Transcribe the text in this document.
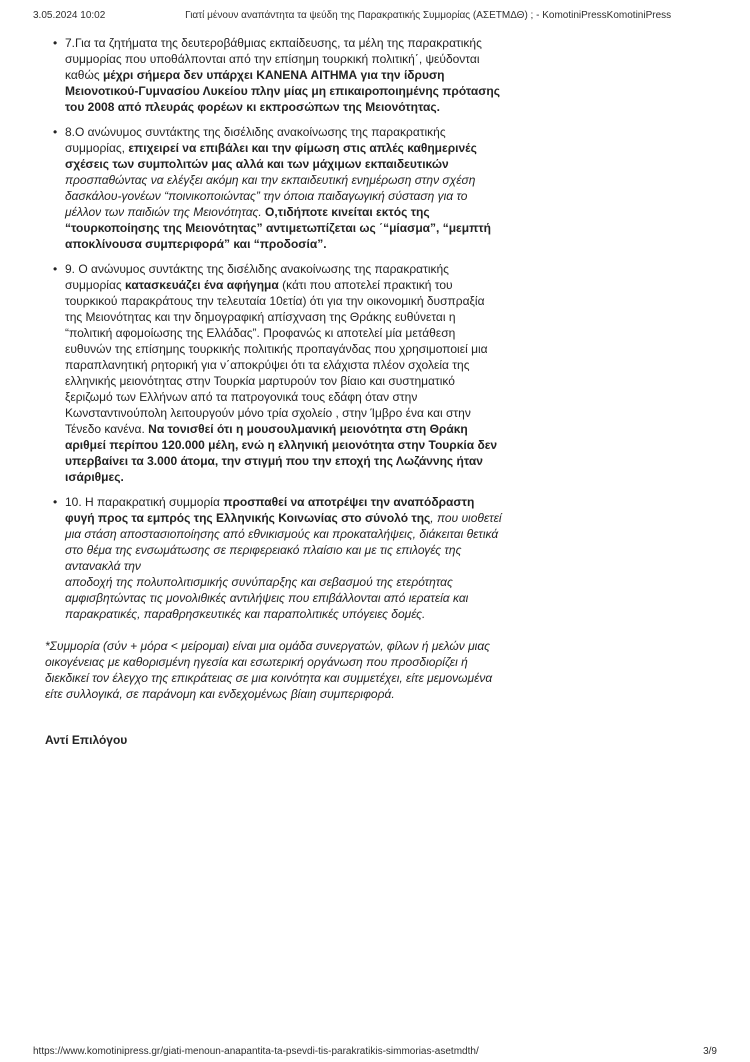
3.05.2024 10:02	Γιατί μένουν αναπάντητα τα ψεύδη της Παρακρατικής Συμμορίας (ΑΣΕΤΜΔΘ) ; - KomotiniPressKomotiniPress
• 7.Για τα ζητήματα της δευτεροβάθμιας εκπαίδευσης, τα μέλη της παρακρατικής συμμορίας που υποθάλπονται από την επίσημη τουρκική πολιτική΄, ψεύδονται καθώς μέχρι σήμερα δεν υπάρχει ΚΑΝΕΝΑ ΑΙΤΗΜΑ για την ίδρυση Μειονοτικού-Γυμνασίου Λυκείου πλην μίας μη επικαιροποιημένης πρότασης του 2008 από πλευράς φορέων κι εκπροσώπων της Μειονότητας.
• 8.Ο ανώνυμος συντάκτης της δισέλιδης ανακοίνωσης της παρακρατικής συμμορίας, επιχειρεί να επιβάλει και την φίμωση στις απλές καθημερινές σχέσεις των συμπολιτών μας αλλά και των μάχιμων εκπαιδευτικών προσπαθώντας να ελέγξει ακόμη και την εκπαιδευτική ενημέρωση στην σχέση δασκάλου-γονέων “ποινικοποιώντας” την όποια παιδαγωγική σύσταση για το μέλλον των παιδιών της Μειονότητας. Ο,τιδήποτε κινείται εκτός της “τουρκοποίησης της Μειονότητας” αντιμετωπίζεται ως ΄“μίασμα”, “μεμπτή αποκλίνουσα συμπεριφορά” και “προδοσία”.
• 9. Ο ανώνυμος συντάκτης της δισέλιδης ανακοίνωσης της παρακρατικής συμμορίας κατασκευάζει ένα αφήγημα (κάτι που αποτελεί πρακτική του τουρκικού παρακράτους την τελευταία 10ετία) ότι για την οικονομική δυσπραξία της Μειονότητας και την δημογραφική απίσχναση της Θράκης ευθύνεται η “πολιτική αφομοίωσης της Ελλάδας”. Προφανώς κι αποτελεί μία μετάθεση ευθυνών της επίσημης τουρκικής πολιτικής προπαγάνδας που χρησιμοποιεί μια παραπλανητική ρητορική για ν΄αποκρύψει ότι τα ελάχιστα πλέον σχολεία της ελληνικής μειονότητας στην Τουρκία μαρτυρούν τον βίαιο και συστηματικό ξεριζωμό των Ελλήνων από τα πατρογονικά τους εδάφη όταν στην Κωνσταντινούπολη λειτουργούν μόνο τρία σχολείο , στην Ίμβρο ένα και στην Τένεδο κανένα. Να τονισθεί ότι η μουσουλμανική μειονότητα στη Θράκη αριθμεί περίπου 120.000 μέλη, ενώ η ελληνική μειονότητα στην Τουρκία δεν υπερβαίνει τα 3.000 άτομα, την στιγμή που την εποχή της Λωζάννης ήταν ισάριθμες.
• 10. Η παρακρατική συμμορία προσπαθεί να αποτρέψει την αναπόδραστη φυγή προς τα εμπρός της Ελληνικής Κοινωνίας στο σύνολό της, που υιοθετεί μια στάση αποστασιοποίησης από εθνικισμούς και προκαταλήψεις, διάκειται θετικά στο θέμα της ενσωμάτωσης σε περιφερειακό πλαίσιο και με τις επιλογές της αντανακλά την
αποδοχή της πολυπολιτισμικής συνύπαρξης και σεβασμού της ετερότητας αμφισβητώντας τις μονολιθικές αντιλήψεις που επιβάλλονται από ιερατεία και παρακρατικές, παραθρησκευτικές και παραπολιτικές υπόγειες δομές.

*Συμμορία (σύν + μόρα < μείρομαι) είναι μια ομάδα συνεργατών, φίλων ή μελών μιας οικογένειας με καθορισμένη ηγεσία και εσωτερική οργάνωση που προσδιορίζει ή διεκδικεί τον έλεγχο της επικράτειας σε μια κοινότητα και συμμετέχει, είτε μεμονωμένα είτε συλλογικά, σε παράνομη και ενδεχομένως βίαιη συμπεριφορά.

Αντί Επιλόγου

https://www.komotinipress.gr/giati-menoun-anapantita-ta-psevdi-tis-parakratikis-simmorias-asetmdth/	3/9
